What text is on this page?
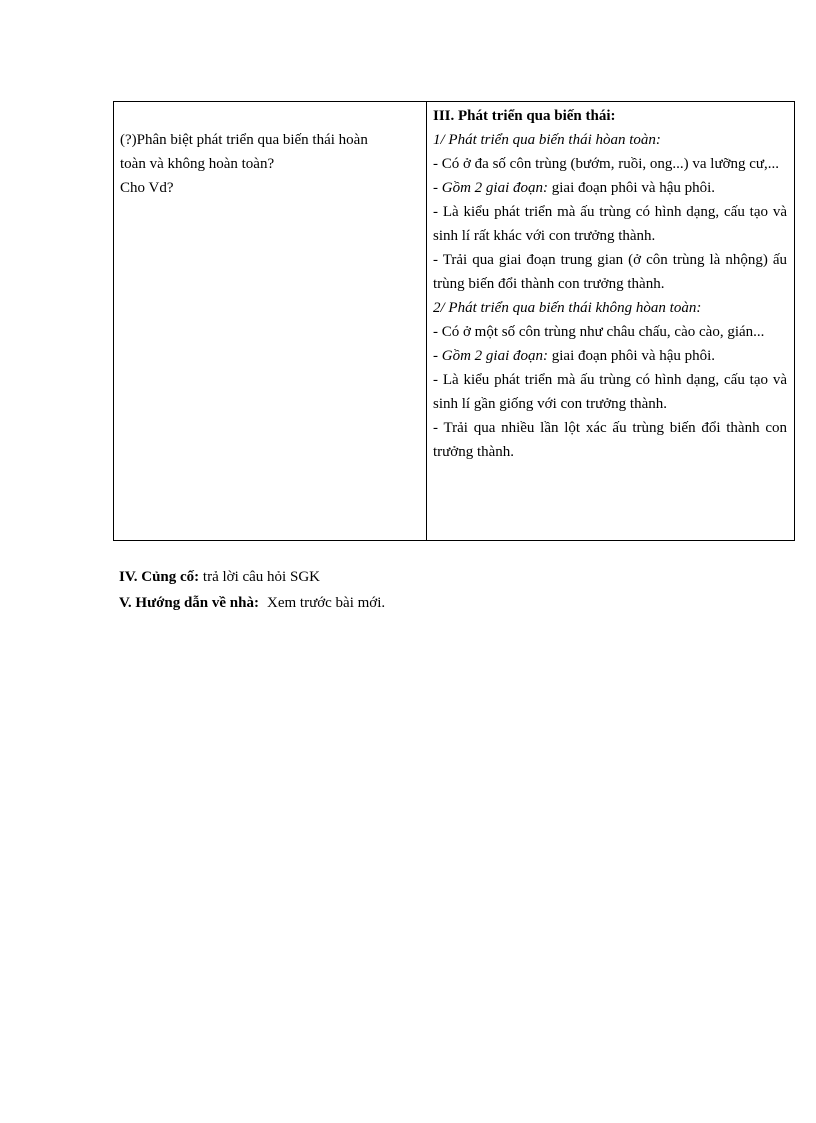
(?)Phân biệt phát triển qua biến thái hoàn
toàn và không hoàn toàn?
Cho Vd?

III. Phát triển qua biến thái:
1/ Phát triển qua biến thái hòan toàn:
- Có ở đa số côn trùng (bướm, ruồi, ong...) va lưỡng cư,...
- Gồm 2 giai đoạn: giai đoạn phôi và hậu phôi.
- Là kiểu phát triển mà ấu trùng có hình dạng, cấu tạo và sinh lí rất khác với con trưởng thành.
- Trải qua giai đoạn trung gian (ở côn trùng là nhộng) ấu trùng biến đổi thành con trưởng thành.
2/ Phát triển qua biến thái không hòan toàn:
- Có ở một số côn trùng như châu chấu, cào cào, gián...
- Gồm 2 giai đoạn: giai đoạn phôi và hậu phôi.
- Là kiểu phát triển mà ấu trùng có hình dạng, cấu tạo và sinh lí gần giống với con trưởng thành.
- Trải qua nhiều lần lột xác ấu trùng biến đổi thành con trưởng thành.
IV. Củng cố: trả lời câu hỏi SGK
V. Hướng dẫn về nhà: Xem trước bài mới.
